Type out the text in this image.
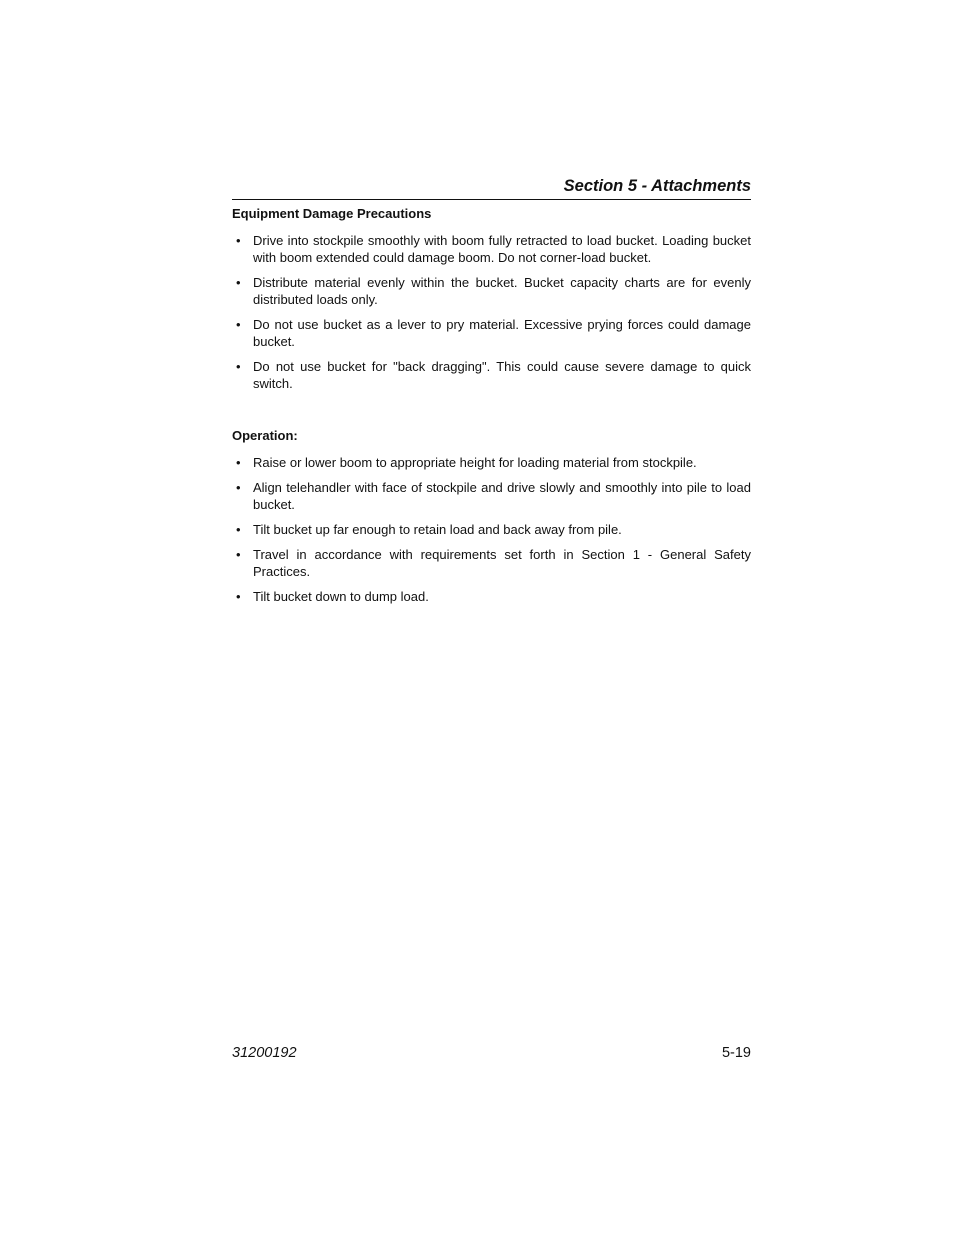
Section 5 - Attachments
Equipment Damage Precautions
• Drive into stockpile smoothly with boom fully retracted to load bucket. Loading bucket with boom extended could damage boom. Do not corner-load bucket.
• Distribute material evenly within the bucket. Bucket capacity charts are for evenly distributed loads only.
• Do not use bucket as a lever to pry material. Excessive prying forces could damage bucket.
• Do not use bucket for "back dragging". This could cause severe damage to quick switch.
Operation:
• Raise or lower boom to appropriate height for loading material from stockpile.
• Align telehandler with face of stockpile and drive slowly and smoothly into pile to load bucket.
• Tilt bucket up far enough to retain load and back away from pile.
• Travel in accordance with requirements set forth in Section 1 - General Safety Practices.
• Tilt bucket down to dump load.
31200192	5-19
